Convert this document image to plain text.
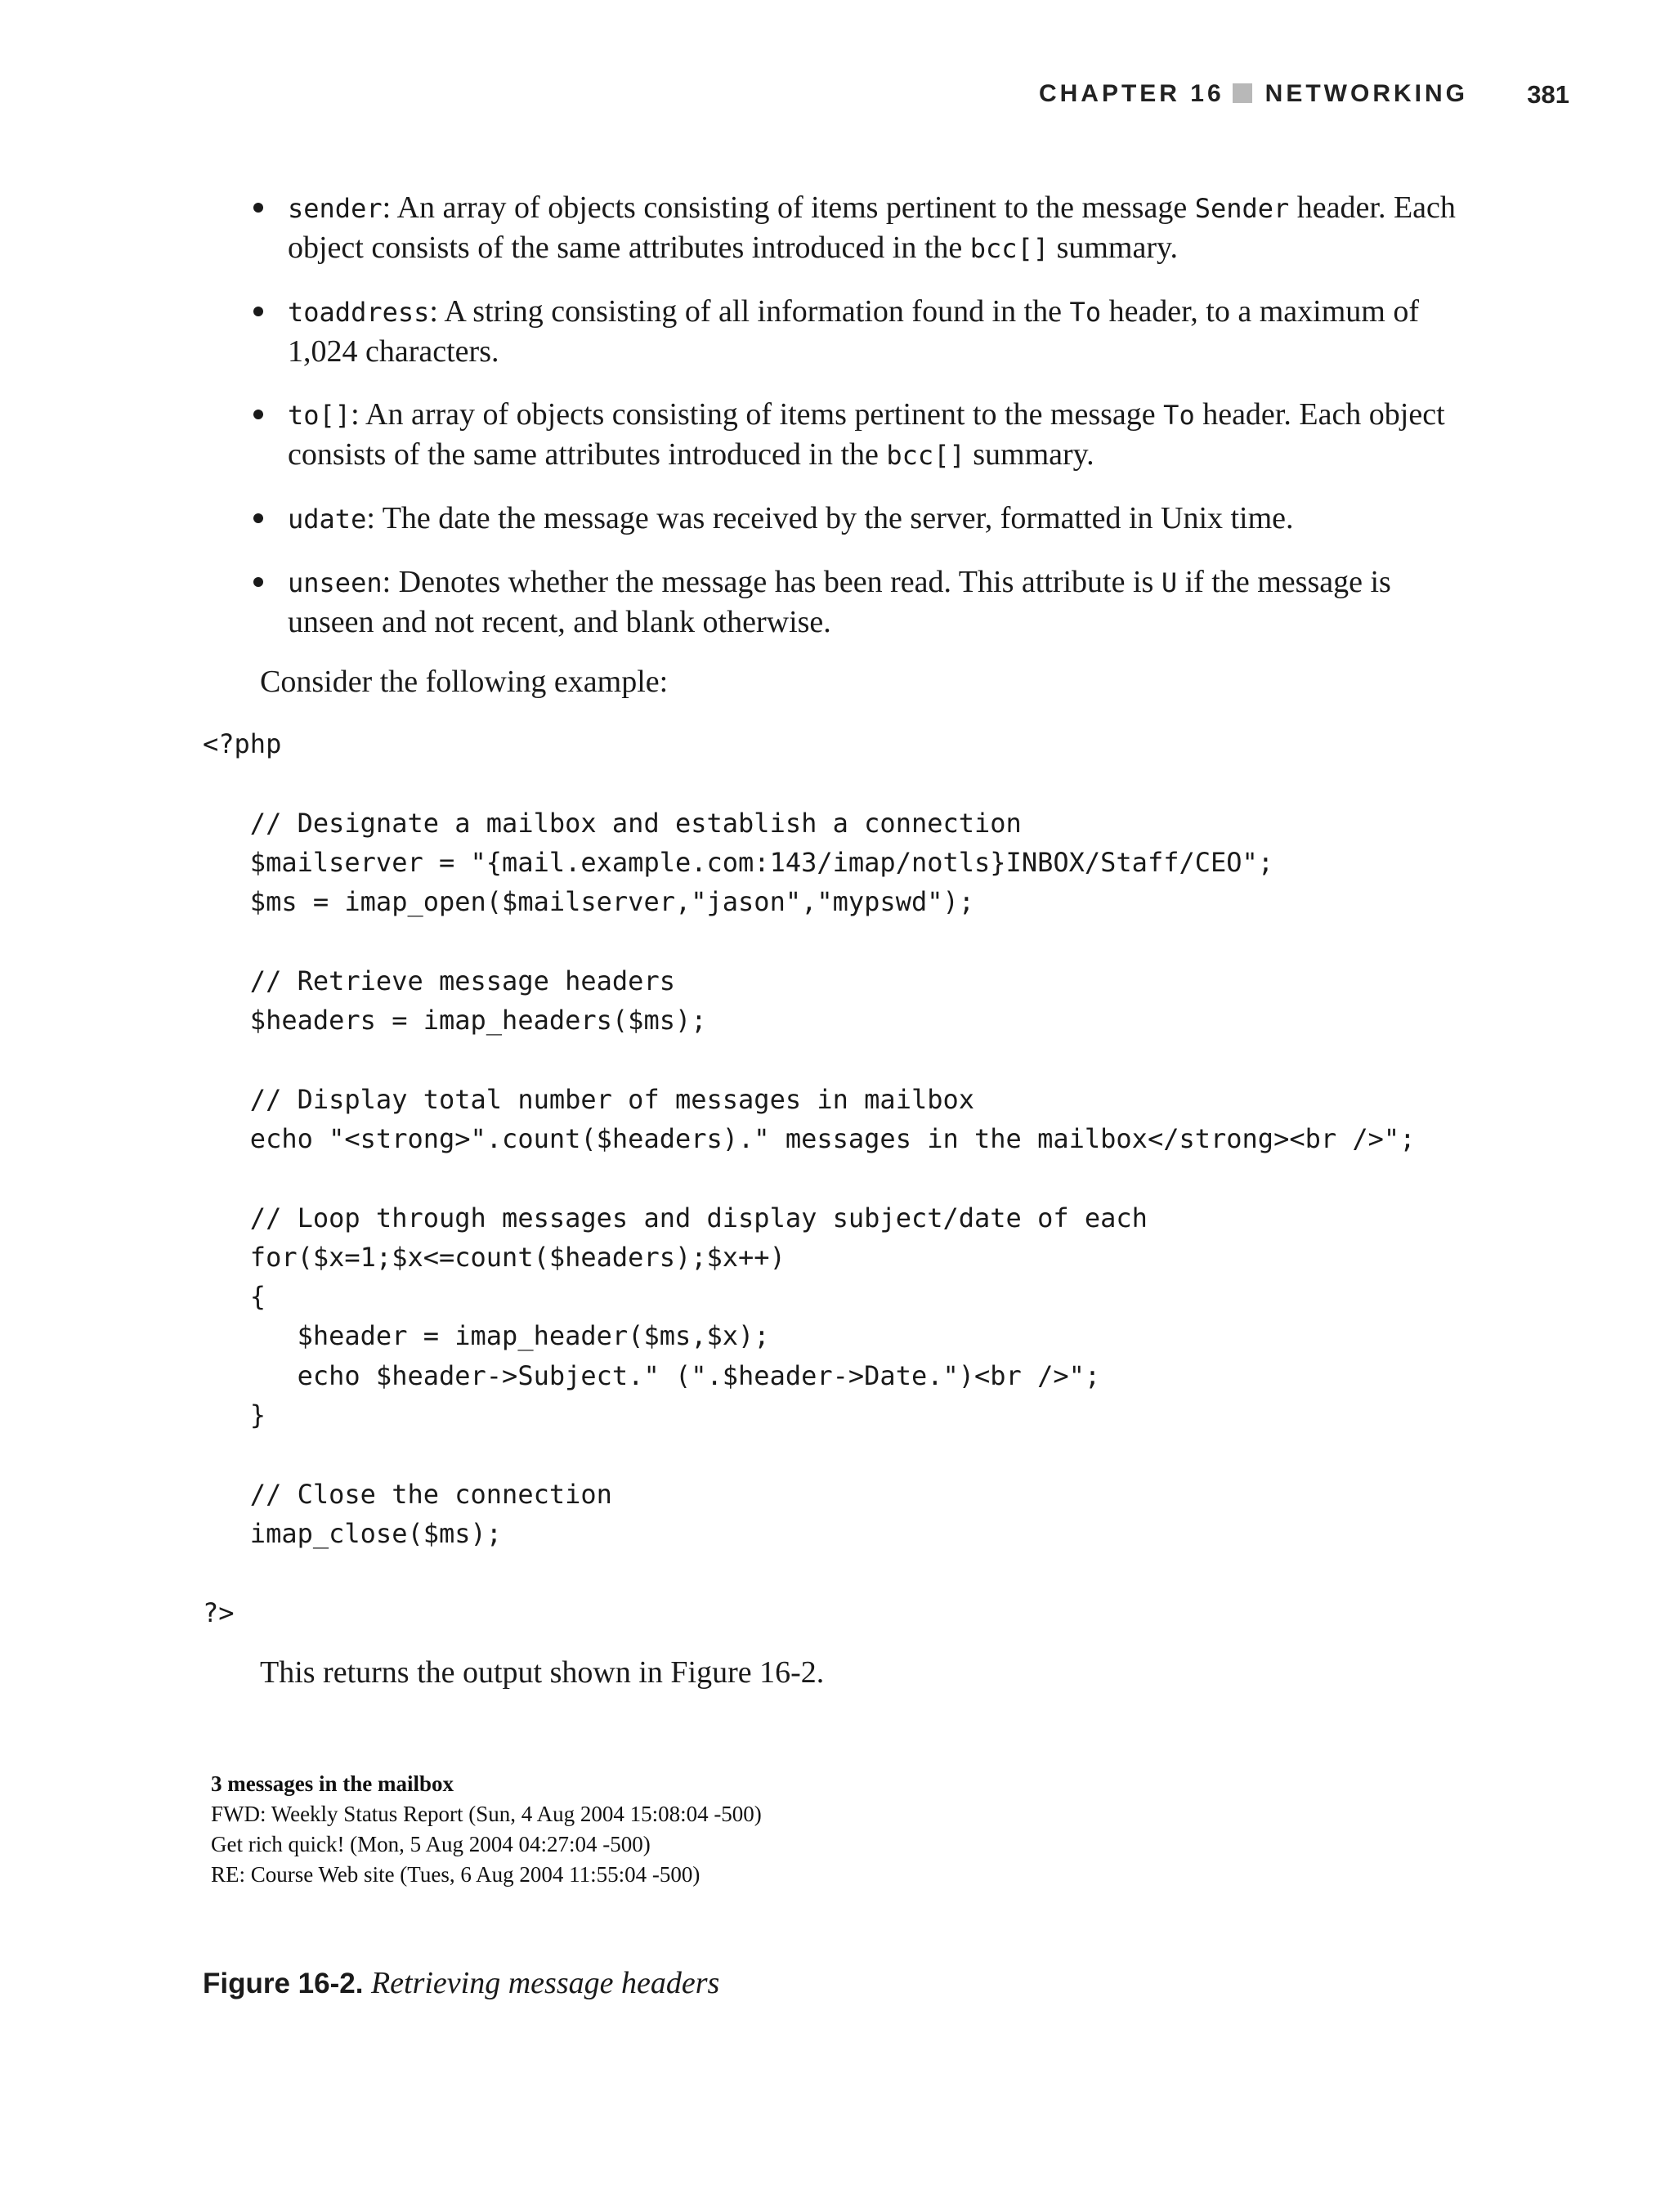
CHAPTER 16 NETWORKING 381
sender: An array of objects consisting of items pertinent to the message Sender header. Each object consists of the same attributes introduced in the bcc[] summary.
toaddress: A string consisting of all information found in the To header, to a maximum of 1,024 characters.
to[]: An array of objects consisting of items pertinent to the message To header. Each object consists of the same attributes introduced in the bcc[] summary.
udate: The date the message was received by the server, formatted in Unix time.
unseen: Denotes whether the message has been read. This attribute is U if the message is unseen and not recent, and blank otherwise.

Consider the following example:

<?php

// Designate a mailbox and establish a connection
$mailserver = "{mail.example.com:143/imap/notls}INBOX/Staff/CEO";
$ms = imap_open($mailserver,"jason","mypswd");

// Retrieve message headers
$headers = imap_headers($ms);

// Display total number of messages in mailbox
echo "<strong>".count($headers)." messages in the mailbox</strong><br />";

// Loop through messages and display subject/date of each
for($x=1;$x<=count($headers);$x++)
{
$header = imap_header($ms,$x);
echo $header->Subject." (".$header->Date.")<br />";
}

// Close the connection
imap_close($ms);

?>

This returns the output shown in Figure 16-2.

3 messages in the mailbox
FWD: Weekly Status Report (Sun, 4 Aug 2004 15:08:04 -500)
Get rich quick! (Mon, 5 Aug 2004 04:27:04 -500)
RE: Course Web site (Tues, 6 Aug 2004 11:55:04 -500)
Figure 16-2. Retrieving message headers
